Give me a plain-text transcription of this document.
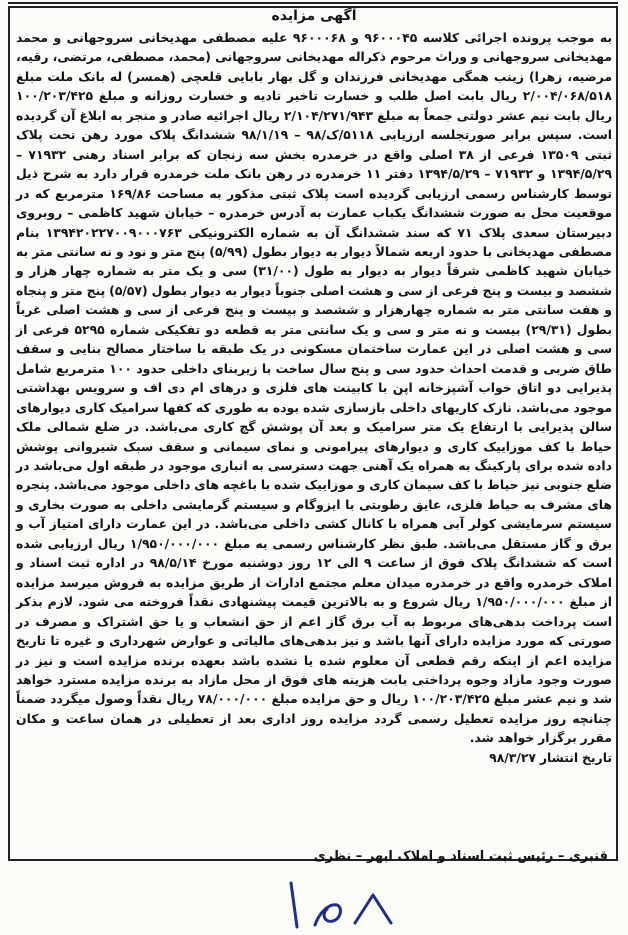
آگهی مزایده

به موجب پرونده اجرائی کلاسه ۹۶۰۰۰۴۵ و ۹۶۰۰۰۶۸ علیه مصطفی مهدیخانی سروجهانی و محمد مهدیخانی سروجهانی و وراث مرحوم ذکراله مهدیخانی سروجهانی (محمد، مصطفی، مرتضی، رقیه، مرضیه، زهرا) زینب همگی مهدیخانی فرزندان و گل بهار بابایی قلعچی (همسر) له بانک ملت مبلغ ۲/۰۰۴/۰۶۸/۵۱۸ ریال بابت اصل طلب و خسارت تاخیر تادیه و خسارت روزانه و مبلغ ۱۰۰/۲۰۳/۴۲۵ ریال بابت نیم عشر دولتی جمعاً به مبلغ ۲/۱۰۴/۲۷۱/۹۴۳ ریال اجرائیه صادر و منجر به ابلاغ آن گردیده است. سپس برابر صورتجلسه ارزیابی ۵۱۱۸/ک/۹۸ – ۹۸/۱/۱۹ ششدانگ پلاک مورد رهن تحت پلاک ثبتی ۱۳۵۰۹ فرعی از ۳۸ اصلی واقع در خرمدره بخش سه زنجان که برابر اسناد رهنی ۷۱۹۳۲ – ۱۳۹۴/۵/۲۹ و ۷۱۹۳۲ – ۱۳۹۴/۵/۲۹ دفتر ۱۱ خرمدره در رهن بانک ملت خرمدره قرار دارد به شرح ذیل توسط کارشناس رسمی ارزیابی گردیده است پلاک ثبتی مذکور به مساحت ۱۶۹/۸۶ مترمربع که در موقعیت محل به صورت ششدانگ یکباب عمارت به آدرس خرمدره – خیابان شهید کاظمی – روبروی دبیرستان سعدی پلاک ۷۱ که سند ششدانگ آن به شماره الکترونیکی ۱۳۹۴۲۰۲۲۷۰۰۹۰۰۰۷۶۳ بنام مصطفی مهدیخانی با حدود اربعه شمالاً دیوار به دیوار بطول (۵/۹۹) پنج متر و نود و نه سانتی متر به خیابان شهید کاظمی شرقاً دیوار به دیوار به طول (۳۱/۰۰) سی و یک متر به شماره چهار هزار و ششصد و بیست و پنج فرعی از سی و هشت اصلی جنوباً دیوار به دیوار بطول (۵/۵۷) پنج متر و پنجاه و هفت سانتی متر به شماره چهارهزار و ششصد و بیست و پنج فرعی از سی و هشت اصلی غرباً بطول (۲۹/۳۱) بیست و نه متر و سی و یک سانتی متر به قطعه دو تفکیکی شماره ۵۲۹۵ فرعی از سی و هشت اصلی در این عمارت ساختمان مسکونی در یک طبقه با ساختار مصالح بنایی و سقف طاق ضربی و قدمت احداث حدود سی و پنج سال ساخت با زیربنای داخلی حدود ۱۰۰ مترمربع شامل پذیرایی دو اتاق خواب آشپزخانه اپن با کابینت های فلزی و درهای ام دی اف و سرویس بهداشتی موجود می‌باشد. نازک کاریهای داخلی بازسازی شده بوده به طوری که کفها سرامیک کاری دیوارهای سالن پذیرایی با ارتفاع یک متر سرامیک و بعد آن پوشش گچ کاری می‌باشد. در ضلع شمالی ملک حیاط با کف موزاییک کاری و دیوارهای پیرامونی و نمای سیمانی و سقف سبک شیروانی پوشش داده شده برای پارکینگ به همراه یک آهنی جهت دسترسی به انباری موجود در طبقه اول می‌باشد در ضلع جنوبی نیز حیاط با کف سیمان کاری و موزاییک شده با باغچه های داخلی موجود می‌باشد. پنجره های مشرف به حیاط فلزی، عایق رطوبتی با ایزوگام و سیستم گرمایشی داخلی به صورت بخاری و سیستم سرمایشی کولر آبی همراه با کانال کشی داخلی می‌باشد. در این عمارت دارای امتیاز آب و برق و گاز مستقل می‌باشد. طبق نظر کارشناس رسمی به مبلغ ۱/۹۵۰/۰۰۰/۰۰۰ ریال ارزیابی شده است که ششدانگ پلاک فوق از ساعت ۹ الی ۱۲ روز دوشنبه مورخ ۹۸/۵/۱۴ در اداره ثبت اسناد و املاک خرمدره واقع در خرمدره میدان معلم مجتمع ادارات از طریق مزایده به فروش میرسد مزایده از مبلغ ۱/۹۵۰/۰۰۰/۰۰۰ ریال شروع و به بالاترین قیمت پیشنهادی نقداً فروخته می شود. لازم بذکر است پرداخت بدهی‌های مربوط به آب برق گاز اعم از حق انشعاب و یا حق اشتراک و مصرف در صورتی که مورد مزایده دارای آنها باشد و نیز بدهی‌های مالیاتی و عوارض شهرداری و غیره تا تاریخ مزایده اعم از اینکه رقم قطعی آن معلوم شده یا نشده باشد بعهده برنده مزایده است و نیز در صورت وجود مازاد وجوه پرداختی بابت هزینه های فوق از محل مازاد به برنده مزایده مسترد خواهد شد و نیم عشر مبلغ ۱۰۰/۲۰۳/۴۲۵ ریال و حق مزایده مبلغ ۷۸/۰۰۰/۰۰۰ ریال نقداً وصول میگردد ضمناً چنانچه روز مزایده تعطیل رسمی گردد مزایده روز اداری بعد از تعطیلی در همان ساعت و مکان مقرر برگزار خواهد شد.

تاریخ انتشار ۹۸/۳/۲۷

قنبری – رئیس ثبت اسناد و املاک ابهر – نظری
